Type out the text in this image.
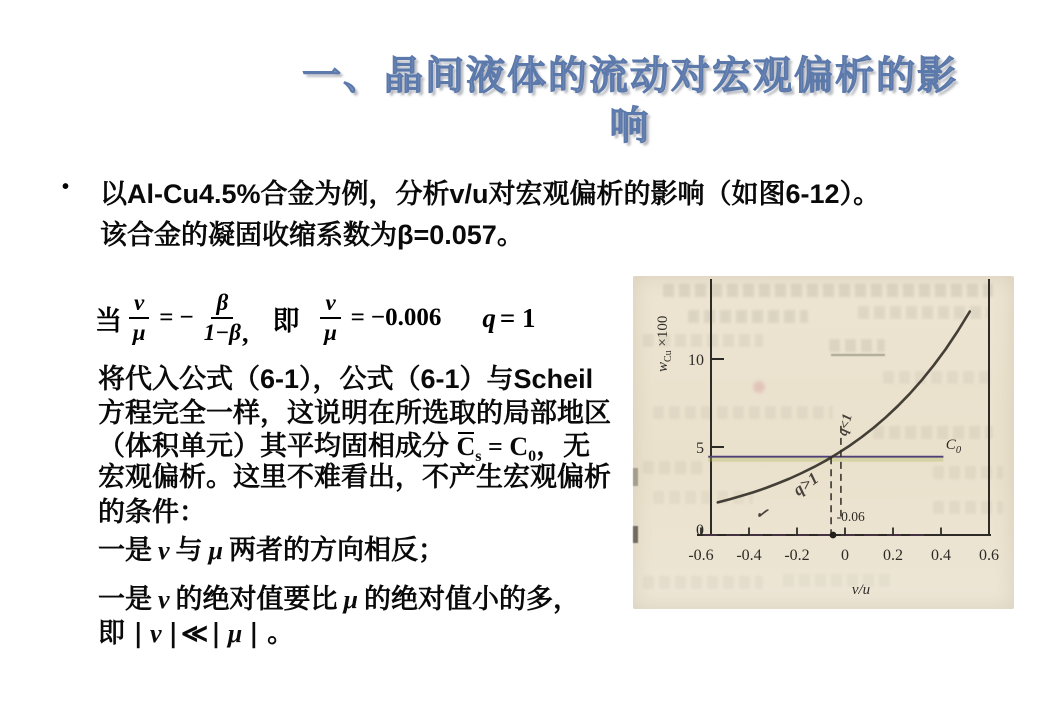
一、晶间液体的流动对宏观偏析的影
响
• 以Al-Cu4.5%合金为例，分析v/u对宏观偏析的影响（如图6-12）。
该合金的凝固收缩系数为β=0.057。
当 $\frac{\nu}{\mu}$ = − $\frac{\beta}{1-\beta}$ , 即 $\frac{\nu}{\mu} = -0.006$ q = 1
将代入公式（6-1），公式（6-1）与Scheil
方程完全一样，这说明在所选取的局部地区
（体积单元）其平均固相成分 $C_s = C_0$，无
宏观偏析。这里不难看出，不产生宏观偏析
的条件：
一是 ν 与 μ 两者的方向相反；
一是 ν 的绝对值要比 μ 的绝对值小的多，
即 | ν | ≪ | μ | 。
0
5
10
-0.6 -0.4 -0.2 0 0.2 0.4 0.6
-0.06
$C_0$
q>1
✓
q<1
$w_{Cu} \times 100$
v/u
